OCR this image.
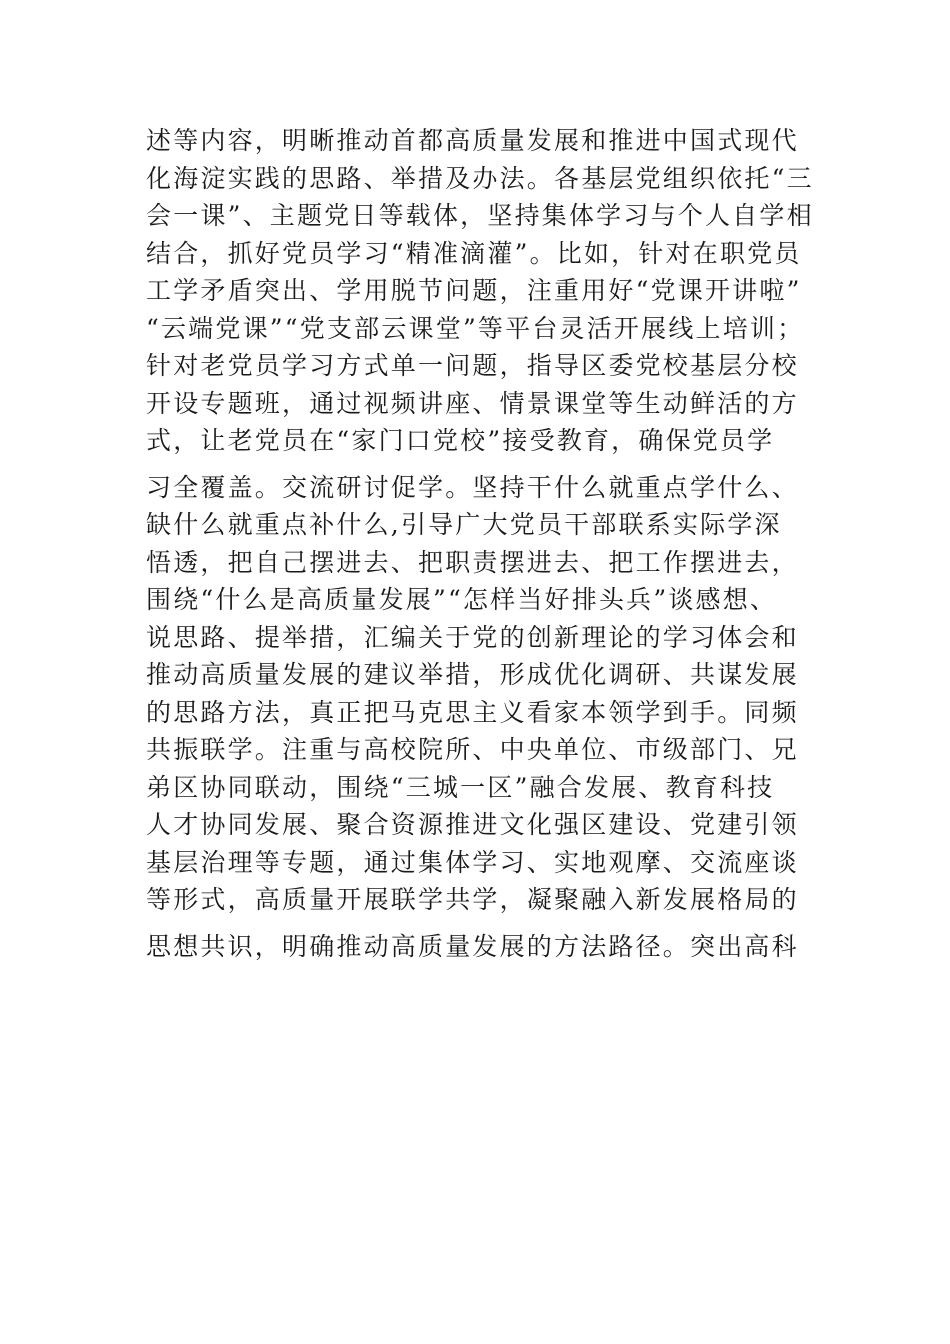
述等内容，明晰推动首都高质量发展和推进中国式现代
化海淀实践的思路、举措及办法。各基层党组织依托“三
会一课”、主题党日等载体，坚持集体学习与个人自学相
结合，抓好党员学习“精准滴灌”。比如，针对在职党员
工学矛盾突出、学用脱节问题，注重用好“党课开讲啦”
“云端党课”“党支部云课堂”等平台灵活开展线上培训；
针对老党员学习方式单一问题，指导区委党校基层分校
开设专题班，通过视频讲座、情景课堂等生动鲜活的方
式，让老党员在“家门口党校”接受教育，确保党员学
习全覆盖。交流研讨促学。坚持干什么就重点学什么、
缺什么就重点补什么,引导广大党员干部联系实际学深
悟透，把自己摆进去、把职责摆进去、把工作摆进去，
围绕“什么是高质量发展”“怎样当好排头兵”谈感想、
说思路、提举措，汇编关于党的创新理论的学习体会和
推动高质量发展的建议举措，形成优化调研、共谋发展
的思路方法，真正把马克思主义看家本领学到手。同频
共振联学。注重与高校院所、中央单位、市级部门、兄
弟区协同联动，围绕“三城一区”融合发展、教育科技
人才协同发展、聚合资源推进文化强区建设、党建引领
基层治理等专题，通过集体学习、实地观摩、交流座谈
等形式，高质量开展联学共学，凝聚融入新发展格局的
思想共识，明确推动高质量发展的方法路径。突出高科
